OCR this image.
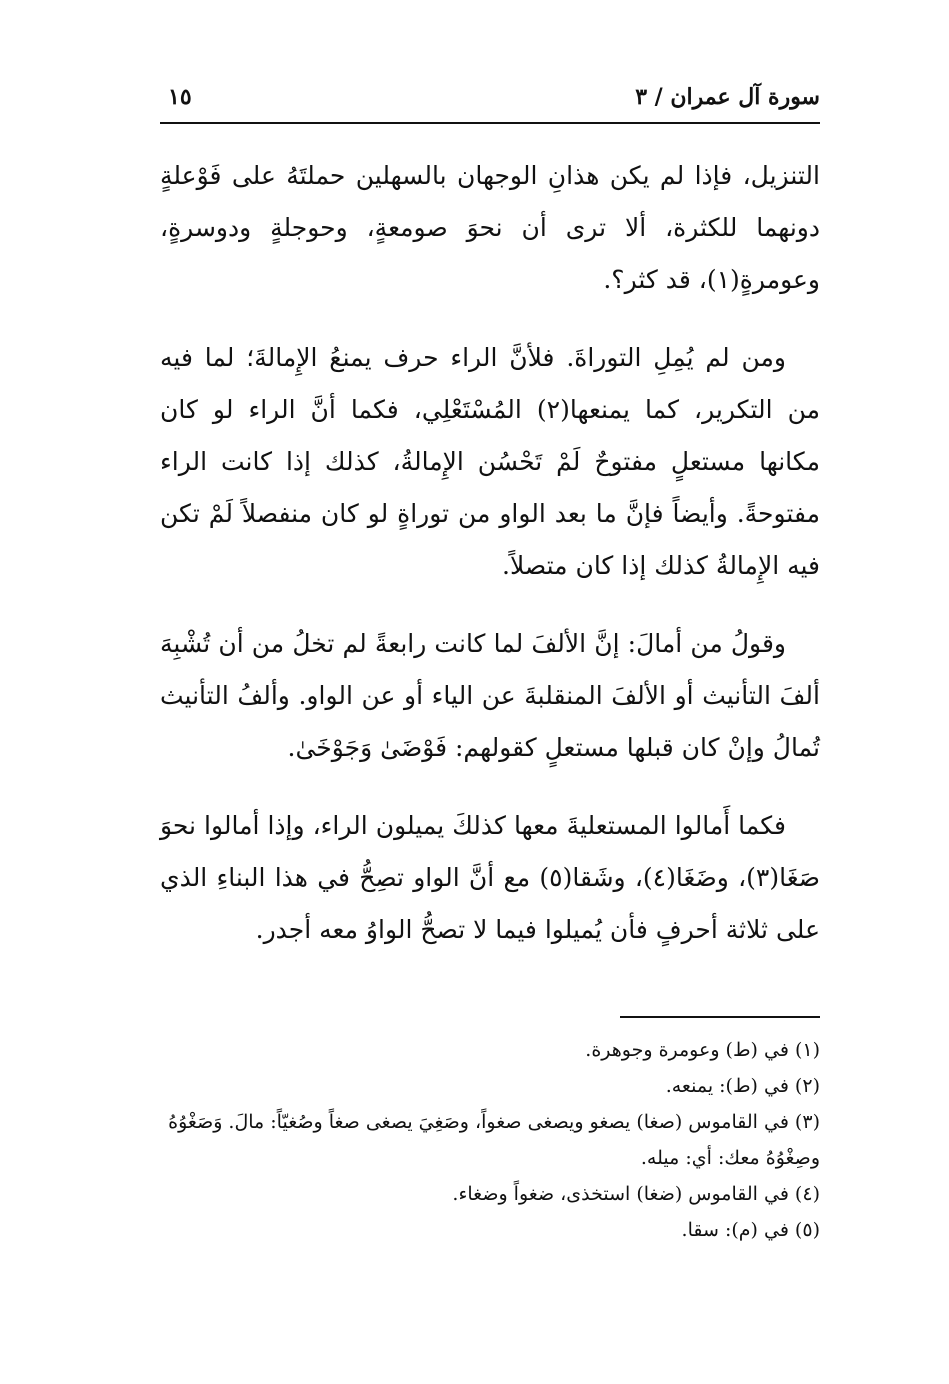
سورة آل عمران / ٣
١٥

التنزيل، فإذا لم يكن هذانِ الوجهان بالسهلين حملتَهُ على فَوْعلةٍ دونهما للكثرة، ألا ترى أن نحوَ صومعةٍ، وحوجلةٍ ودوسرةٍ، وعومرةٍ(١)، قد كثر؟.

ومن لم يُمِلِ التوراةَ. فلأنَّ الراء حرف يمنعُ الإِمالةَ؛ لما فيه من التكرير، كما يمنعها(٢) المُسْتَعْلِي، فكما أنَّ الراء لو كان مكانها مستعلٍ مفتوحٌ لَمْ تَحْسُن الإِمالةُ، كذلك إذا كانت الراء مفتوحةً. وأيضاً فإنَّ ما بعد الواو من توراةٍ لو كان منفصلاً لَمْ تكن فيه الإِمالةُ كذلك إذا كان متصلاً.

وقولُ من أمالَ: إنَّ الألفَ لما كانت رابعةً لم تخلُ من أن تُشْبِهَ ألفَ التأنيث أو الألفَ المنقلبةَ عن الياء أو عن الواو. وألفُ التأنيث تُمالُ وإنْ كان قبلها مستعلٍ كقولهم: فَوْضَىٰ وَجَوْخَىٰ.

فكما أَمالوا المستعليةَ معها كذلكَ يميلون الراء، وإذا أمالوا نحوَ صَغَا(٣)، وضَغَا(٤)، وشَقا(٥) مع أنَّ الواو تصِحُّ في هذا البناءِ الذي على ثلاثة أحرفٍ فأن يُميلوا فيما لا تصحُّ الواوُ معه أجدر.

(١) في (ط) وعومرة وجوهرة.

(٢) في (ط): يمنعه.

(٣) في القاموس (صغا) يصغو ويصغى صغواً، وصَغِيَ يصغى صغاً وصُغيّاً: مالَ. وَصَغْوُهُ وصِغْوُهُ معك: أي: ميله.

(٤) في القاموس (ضغا) استخذى، ضغواً وضغاء.

(٥) في (م): سقا.
